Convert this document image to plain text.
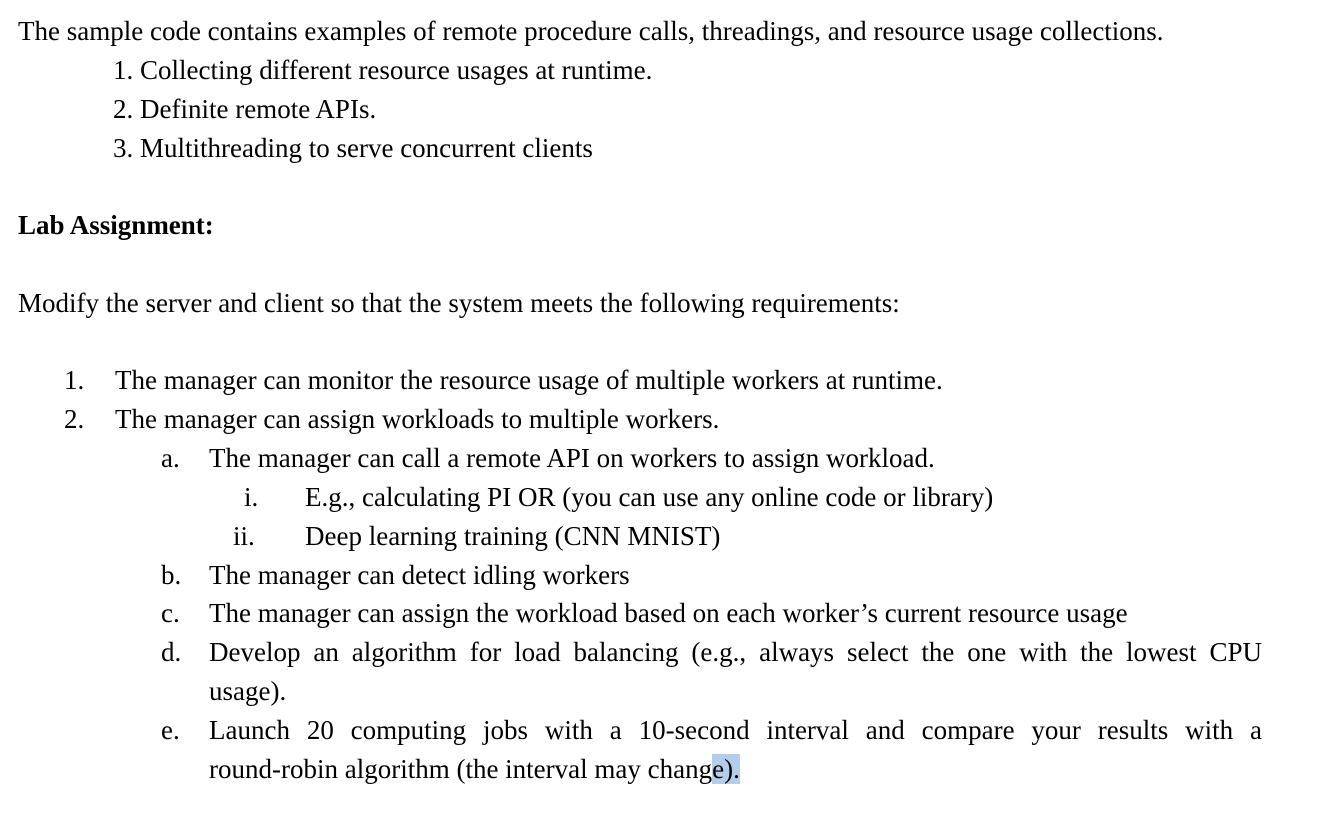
The sample code contains examples of remote procedure calls, threadings, and resource usage collections.
1. Collecting different resource usages at runtime.
2. Definite remote APIs.
3. Multithreading to serve concurrent clients
Lab Assignment:
Modify the server and client so that the system meets the following requirements:
1. The manager can monitor the resource usage of multiple workers at runtime.
2. The manager can assign workloads to multiple workers.
a. The manager can call a remote API on workers to assign workload.
i. E.g., calculating PI OR (you can use any online code or library)
ii. Deep learning training (CNN MNIST)
b. The manager can detect idling workers
c. The manager can assign the workload based on each worker’s current resource usage
d. Develop an algorithm for load balancing (e.g., always select the one with the lowest CPU
usage).
e. Launch 20 computing jobs with a 10-second interval and compare your results with a
round-robin algorithm (the interval may change).
